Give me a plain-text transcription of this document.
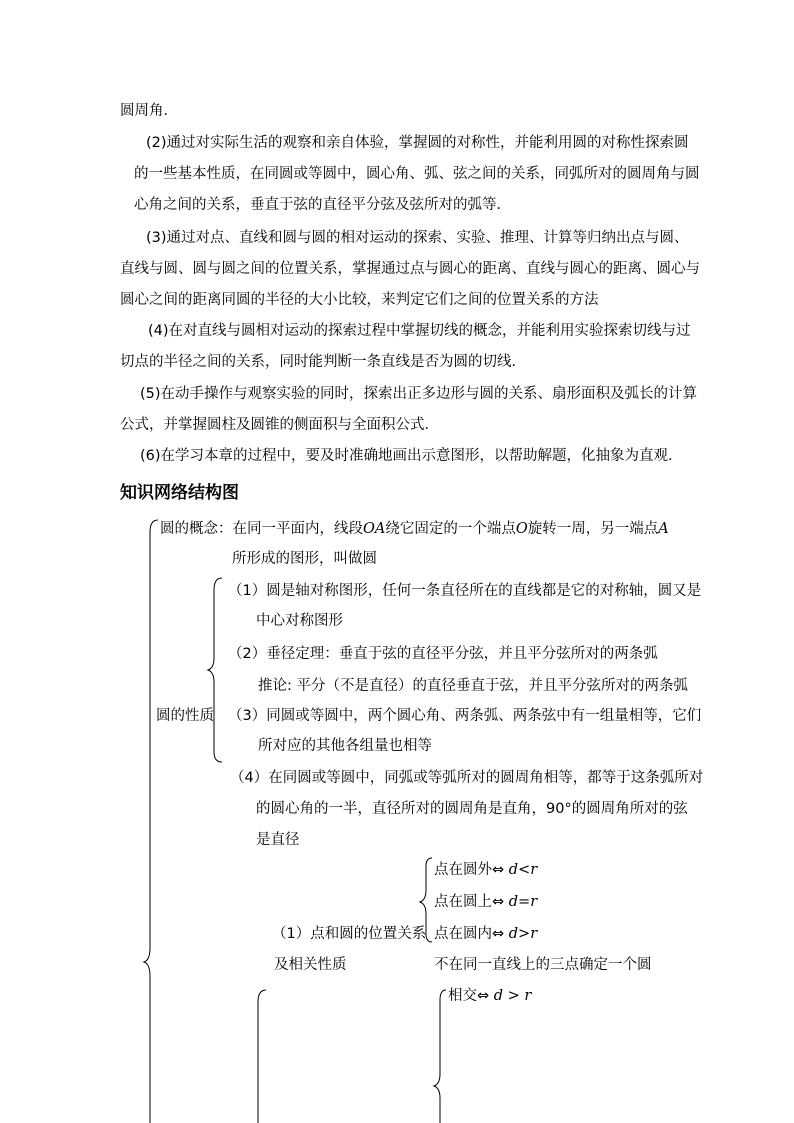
圆周角．
(2)通过对实际生活的观察和亲自体验，掌握圆的对称性，并能利用圆的对称性探索圆
的一些基本性质，在同圆或等圆中，圆心角、弧、弦之间的关系，同弧所对的圆周角与圆
心角之间的关系，垂直于弦的直径平分弦及弦所对的弧等．
(3)通过对点、直线和圆与圆的相对运动的探索、实验、推理、计算等归纳出点与圆、
直线与圆、圆与圆之间的位置关系，掌握通过点与圆心的距离、直线与圆心的距离、圆心与
圆心之间的距离同圆的半径的大小比较，来判定它们之间的位置关系的方法
(4)在对直线与圆相对运动的探索过程中掌握切线的概念，并能利用实验探索切线与过
切点的半径之间的关系，同时能判断一条直线是否为圆的切线．
(5)在动手操作与观察实验的同时，探索出正多边形与圆的关系、扇形面积及弧长的计算
公式，并掌握圆柱及圆锥的侧面积与全面积公式．
(6)在学习本章的过程中，要及时准确地画出示意图形，以帮助解题，化抽象为直观．
知识网络结构图
圆的概念：在同一平面内，线段OA绕它固定的一个端点O旋转一周，另一端点A
所形成的图形，叫做圆
圆的性质
（1）圆是轴对称图形，任何一条直径所在的直线都是它的对称轴，圆又是
中心对称图形
（2）垂径定理：垂直于弦的直径平分弦，并且平分弦所对的两条弧
推论: 平分（不是直径）的直径垂直于弦，并且平分弦所对的两条弧
（3）同圆或等圆中，两个圆心角、两条弧、两条弦中有一组量相等，它们
所对应的其他各组量也相等
（4）在同圆或等圆中，同弧或等弧所对的圆周角相等，都等于这条弧所对
的圆心角的一半，直径所对的圆周角是直角，90°的圆周角所对的弦
是直径
点在圆外⇔ d<r
点在圆上⇔ d=r
点在圆内⇔ d>r
（1）点和圆的位置关系
及相关性质	不在同一直线上的三点确定一个圆
相交⇔ d > r
